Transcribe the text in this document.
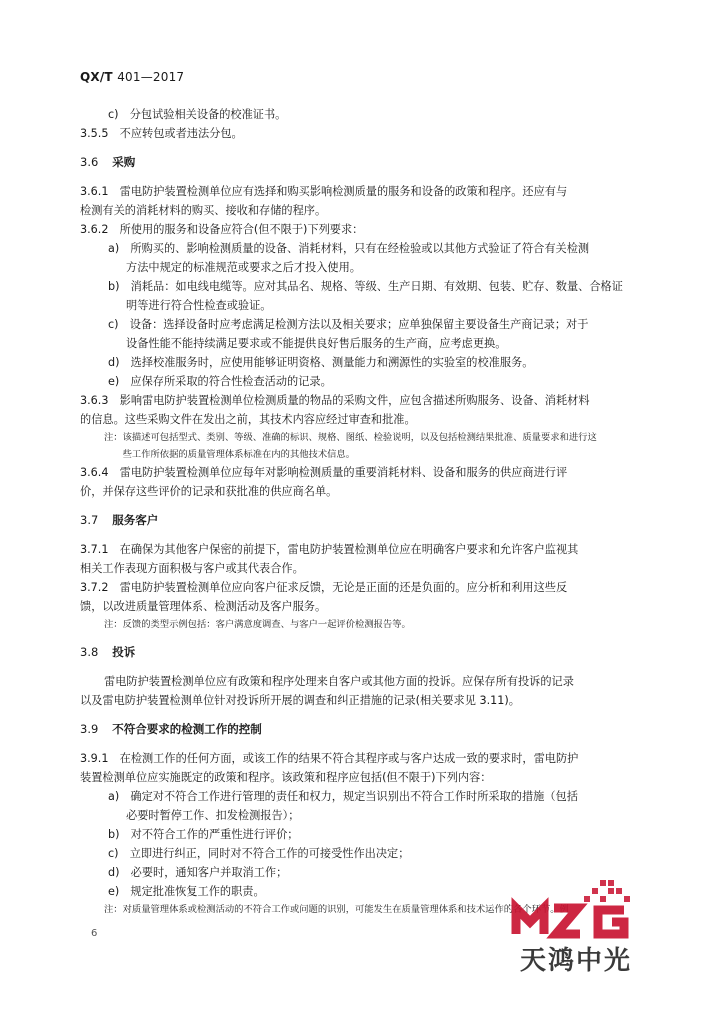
QX/T 401—2017
c)　分包试验相关设备的校准证书。
3.5.5　不应转包或者违法分包。
3.6 采购
3.6.1　雷电防护装置检测单位应有选择和购买影响检测质量的服务和设备的政策和程序。还应有与
检测有关的消耗材料的购买、接收和存储的程序。
3.6.2　所使用的服务和设备应符合(但不限于)下列要求：
a)　所购买的、影响检测质量的设备、消耗材料，只有在经检验或以其他方式验证了符合有关检测
方法中规定的标准规范或要求之后才投入使用。
b)　消耗品：如电线电缆等。应对其品名、规格、等级、生产日期、有效期、包装、贮存、数量、合格证
明等进行符合性检查或验证。
c)　设备：选择设备时应考虑满足检测方法以及相关要求；应单独保留主要设备生产商记录；对于
设备性能不能持续满足要求或不能提供良好售后服务的生产商，应考虑更换。
d)　选择校准服务时，应使用能够证明资格、测量能力和溯源性的实验室的校准服务。
e)　应保存所采取的符合性检查活动的记录。
3.6.3　影响雷电防护装置检测单位检测质量的物品的采购文件，应包含描述所购服务、设备、消耗材料
的信息。这些采购文件在发出之前，其技术内容应经过审查和批准。
注：该描述可包括型式、类别、等级、准确的标识、规格、图纸、检验说明，以及包括检测结果批准、质量要求和进行这
　　些工作所依据的质量管理体系标准在内的其他技术信息。
3.6.4　雷电防护装置检测单位应每年对影响检测质量的重要消耗材料、设备和服务的供应商进行评
价，并保存这些评价的记录和获批准的供应商名单。
3.7 服务客户
3.7.1　在确保为其他客户保密的前提下，雷电防护装置检测单位应在明确客户要求和允许客户监视其
相关工作表现方面积极与客户或其代表合作。
3.7.2　雷电防护装置检测单位应向客户征求反馈，无论是正面的还是负面的。应分析和利用这些反
馈，以改进质量管理体系、检测活动及客户服务。
注：反馈的类型示例包括：客户满意度调查、与客户一起评价检测报告等。
3.8 投诉
雷电防护装置检测单位应有政策和程序处理来自客户或其他方面的投诉。应保存所有投诉的记录
以及雷电防护装置检测单位针对投诉所开展的调查和纠正措施的记录(相关要求见 3.11)。
3.9 不符合要求的检测工作的控制
3.9.1　在检测工作的任何方面，或该工作的结果不符合其程序或与客户达成一致的要求时，雷电防护
装置检测单位应实施既定的政策和程序。该政策和程序应包括(但不限于)下列内容：
a)　确定对不符合工作进行管理的责任和权力，规定当识别出不符合工作时所采取的措施（包括
必要时暂停工作、扣发检测报告）；
b)　对不符合工作的严重性进行评价；
c)　立即进行纠正，同时对不符合工作的可接受性作出决定；
d)　必要时，通知客户并取消工作；
e)　规定批准恢复工作的职责。
注：对质量管理体系或检测活动的不符合工作或问题的识别，可能发生在质量管理体系和技术运作的各个环节。例
6
天鸿中光
